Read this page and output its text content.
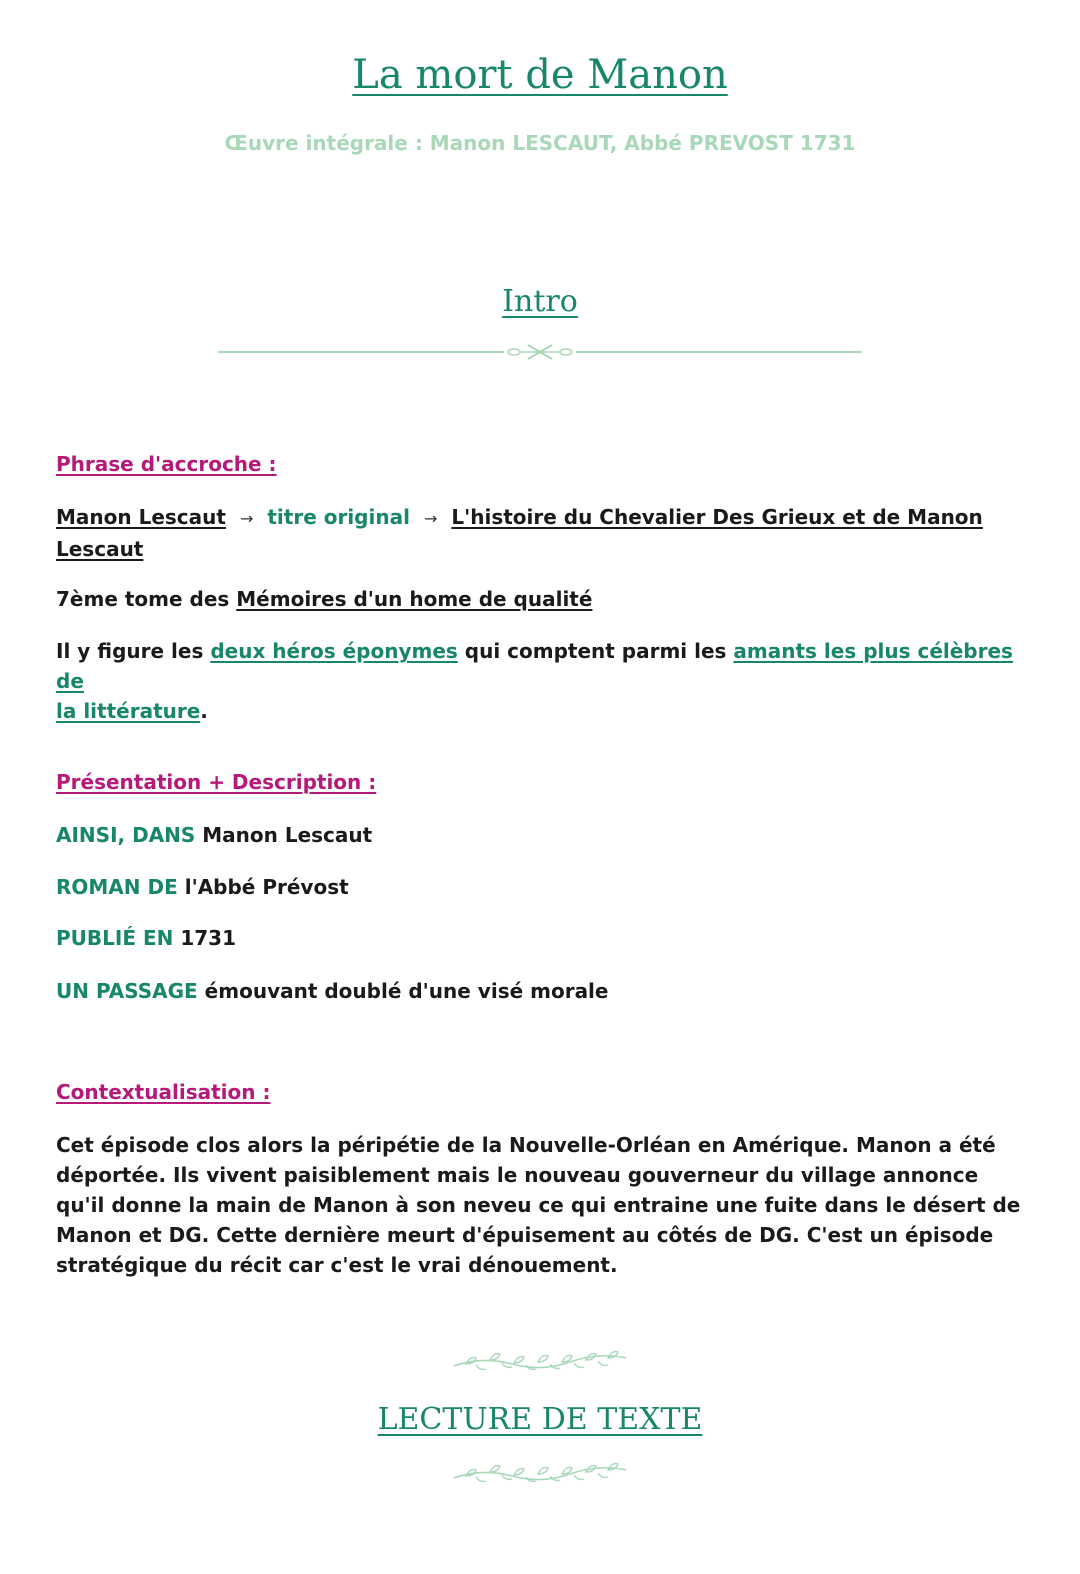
La mort de Manon

Œuvre intégrale : Manon LESCAUT, Abbé PREVOST 1731

Intro

Phrase d'accroche :

Manon Lescaut → titre original → L'histoire du Chevalier Des Grieux et de Manon
Lescaut

7ème tome des Mémoires d'un home de qualité

Il y figure les deux héros éponymes qui comptent parmi les amants les plus célèbres de
la littérature.

Présentation + Description :

AINSI, DANS Manon Lescaut

ROMAN DE l'Abbé Prévost

PUBLIÉ EN 1731

UN PASSAGE émouvant doublé d'une visé morale

Contextualisation :

Cet épisode clos alors la péripétie de la Nouvelle-Orléan en Amérique. Manon a été déportée. Ils vivent paisiblement mais le nouveau gouverneur du village annonce qu'il donne la main de Manon à son neveu ce qui entraine une fuite dans le désert de Manon et DG. Cette dernière meurt d'épuisement au côtés de DG. C'est un épisode stratégique du récit car c'est le vrai dénouement.

LECTURE DE TEXTE
